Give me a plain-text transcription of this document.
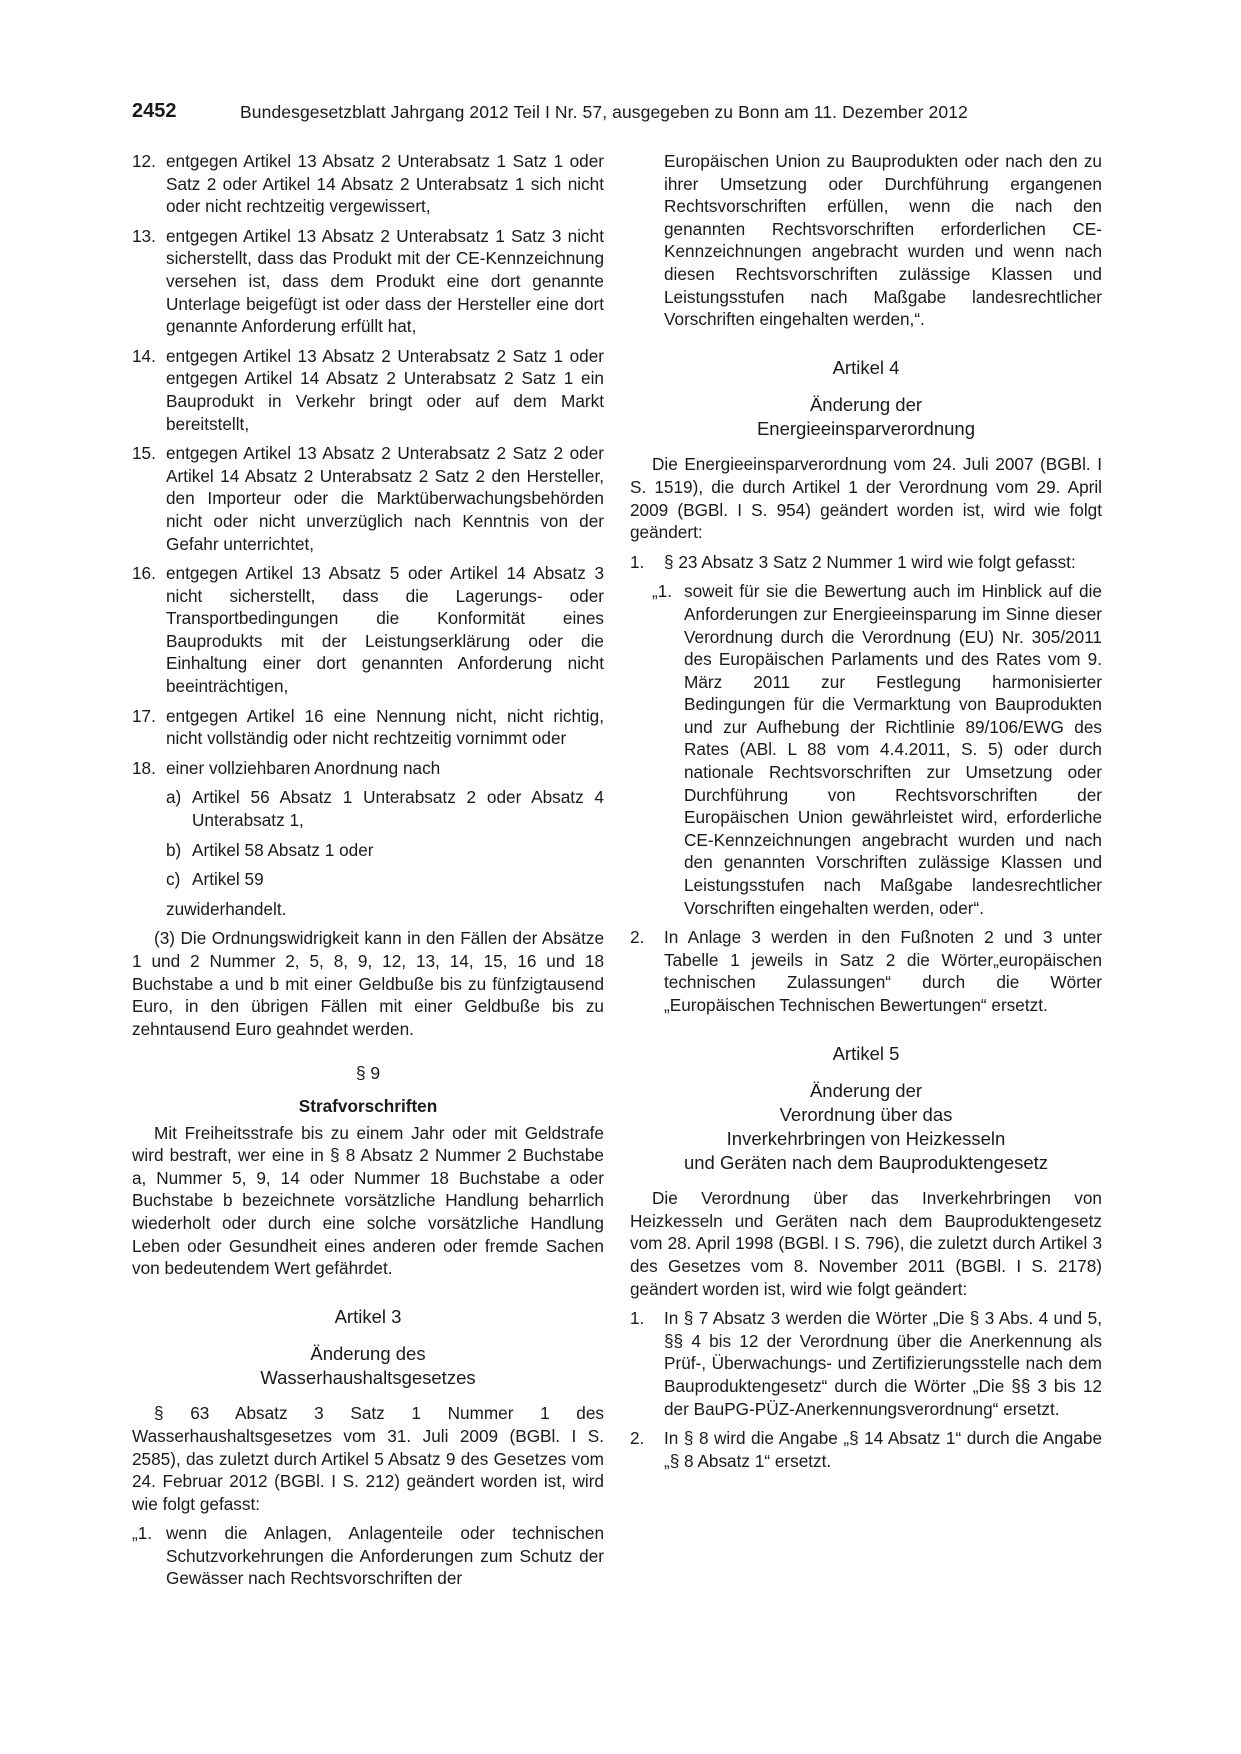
2452	Bundesgesetzblatt Jahrgang 2012 Teil I Nr. 57, ausgegeben zu Bonn am 11. Dezember 2012
12. entgegen Artikel 13 Absatz 2 Unterabsatz 1 Satz 1 oder Satz 2 oder Artikel 14 Absatz 2 Unterabsatz 1 sich nicht oder nicht rechtzeitig vergewissert,
13. entgegen Artikel 13 Absatz 2 Unterabsatz 1 Satz 3 nicht sicherstellt, dass das Produkt mit der CE-Kennzeichnung versehen ist, dass dem Produkt eine dort genannte Unterlage beigefügt ist oder dass der Hersteller eine dort genannte Anforderung erfüllt hat,
14. entgegen Artikel 13 Absatz 2 Unterabsatz 2 Satz 1 oder entgegen Artikel 14 Absatz 2 Unterabsatz 2 Satz 1 ein Bauprodukt in Verkehr bringt oder auf dem Markt bereitstellt,
15. entgegen Artikel 13 Absatz 2 Unterabsatz 2 Satz 2 oder Artikel 14 Absatz 2 Unterabsatz 2 Satz 2 den Hersteller, den Importeur oder die Marktüberwachungsbehörden nicht oder nicht unverzüglich nach Kenntnis von der Gefahr unterrichtet,
16. entgegen Artikel 13 Absatz 5 oder Artikel 14 Absatz 3 nicht sicherstellt, dass die Lagerungs- oder Transportbedingungen die Konformität eines Bauprodukts mit der Leistungserklärung oder die Einhaltung einer dort genannten Anforderung nicht beeinträchtigen,
17. entgegen Artikel 16 eine Nennung nicht, nicht richtig, nicht vollständig oder nicht rechtzeitig vornimmt oder
18. einer vollziehbaren Anordnung nach
a) Artikel 56 Absatz 1 Unterabsatz 2 oder Absatz 4 Unterabsatz 1,
b) Artikel 58 Absatz 1 oder
c) Artikel 59
zuwiderhandelt.
(3) Die Ordnungswidrigkeit kann in den Fällen der Absätze 1 und 2 Nummer 2, 5, 8, 9, 12, 13, 14, 15, 16 und 18 Buchstabe a und b mit einer Geldbuße bis zu fünfzigtausend Euro, in den übrigen Fällen mit einer Geldbuße bis zu zehntausend Euro geahndet werden.
§ 9
Strafvorschriften
Mit Freiheitsstrafe bis zu einem Jahr oder mit Geldstrafe wird bestraft, wer eine in § 8 Absatz 2 Nummer 2 Buchstabe a, Nummer 5, 9, 14 oder Nummer 18 Buchstabe a oder Buchstabe b bezeichnete vorsätzliche Handlung beharrlich wiederholt oder durch eine solche vorsätzliche Handlung Leben oder Gesundheit eines anderen oder fremde Sachen von bedeutendem Wert gefährdet.
Artikel 3
Änderung des
Wasserhaushaltsgesetzes
§ 63 Absatz 3 Satz 1 Nummer 1 des Wasserhaushaltsgesetzes vom 31. Juli 2009 (BGBl. I S. 2585), das zuletzt durch Artikel 5 Absatz 9 des Gesetzes vom 24. Februar 2012 (BGBl. I S. 212) geändert worden ist, wird wie folgt gefasst:
„1. wenn die Anlagen, Anlagenteile oder technischen Schutzvorkehrungen die Anforderungen zum Schutz der Gewässer nach Rechtsvorschriften der
Europäischen Union zu Bauprodukten oder nach den zu ihrer Umsetzung oder Durchführung ergangenen Rechtsvorschriften erfüllen, wenn die nach den genannten Rechtsvorschriften erforderlichen CE-Kennzeichnungen angebracht wurden und wenn nach diesen Rechtsvorschriften zulässige Klassen und Leistungsstufen nach Maßgabe landesrechtlicher Vorschriften eingehalten werden,“.
Artikel 4
Änderung der
Energieeinsparverordnung
Die Energieeinsparverordnung vom 24. Juli 2007 (BGBl. I S. 1519), die durch Artikel 1 der Verordnung vom 29. April 2009 (BGBl. I S. 954) geändert worden ist, wird wie folgt geändert:
1.	§ 23 Absatz 3 Satz 2 Nummer 1 wird wie folgt gefasst:
„1. soweit für sie die Bewertung auch im Hinblick auf die Anforderungen zur Energieeinsparung im Sinne dieser Verordnung durch die Verordnung (EU) Nr. 305/2011 des Europäischen Parlaments und des Rates vom 9. März 2011 zur Festlegung harmonisierter Bedingungen für die Vermarktung von Bauprodukten und zur Aufhebung der Richtlinie 89/106/EWG des Rates (ABl. L 88 vom 4.4.2011, S. 5) oder durch nationale Rechtsvorschriften zur Umsetzung oder Durchführung von Rechtsvorschriften der Europäischen Union gewährleistet wird, erforderliche CE-Kennzeichnungen angebracht wurden und nach den genannten Vorschriften zulässige Klassen und Leistungsstufen nach Maßgabe landesrechtlicher Vorschriften eingehalten werden, oder“.
2.	In Anlage 3 werden in den Fußnoten 2 und 3 unter Tabelle 1 jeweils in Satz 2 die Wörter„europäischen technischen Zulassungen“ durch die Wörter „Europäischen Technischen Bewertungen“ ersetzt.
Artikel 5
Änderung der
Verordnung über das
Inverkehrbringen von Heizkesseln
und Geräten nach dem Bauproduktengesetz
Die Verordnung über das Inverkehrbringen von Heizkesseln und Geräten nach dem Bauproduktengesetz vom 28. April 1998 (BGBl. I S. 796), die zuletzt durch Artikel 3 des Gesetzes vom 8. November 2011 (BGBl. I S. 2178) geändert worden ist, wird wie folgt geändert:
1.	In § 7 Absatz 3 werden die Wörter „Die § 3 Abs. 4 und 5, §§ 4 bis 12 der Verordnung über die Anerkennung als Prüf-, Überwachungs- und Zertifizierungsstelle nach dem Bauproduktengesetz“ durch die Wörter „Die §§ 3 bis 12 der BauPG-PÜZ-Anerkennungsverordnung“ ersetzt.
2.	In § 8 wird die Angabe „§ 14 Absatz 1“ durch die Angabe „§ 8 Absatz 1“ ersetzt.
